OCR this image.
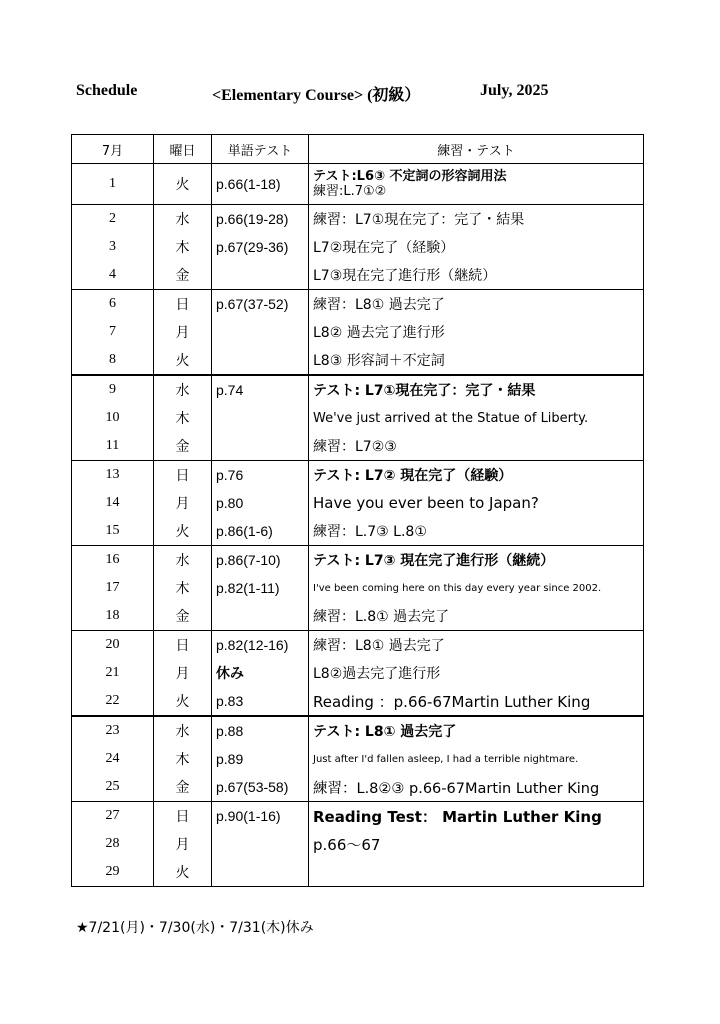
Schedule	<Elementary Course> (初級）	July, 2025
7月	曜日	単語テスト	練習・テスト
1	火	p.66(1-18)	テスト:L6③ 不定詞の形容詞用法
練習:L.7①②

2	水	p.66(19-28)	練習：L7①現在完了：完了・結果
3	木	p.67(29-36)	L7②現在完了（経験）
4	金		L7③現在完了進行形（継続）
6	日	p.67(37-52)	練習：L8① 過去完了
7	月		L8② 過去完了進行形
8	火		L8③ 形容詞＋不定詞
9	水	p.74	テスト: L7①現在完了：完了・結果
10	木		We've just arrived at the Statue of Liberty.
11	金		練習：L7②③
13	日	p.76	テスト: L7② 現在完了（経験）
14	月	p.80	Have you ever been to Japan?
15	火	p.86(1-6)	練習：L.7③ L.8①
16	水	p.86(7-10)	テスト: L7③ 現在完了進行形（継続）
17	木	p.82(1-11)	I've been coming here on this day every year since 2002.
18	金		練習：L.8① 過去完了
20	日	p.82(12-16)	練習：L8① 過去完了
21	月	休み	L8②過去完了進行形
22	火	p.83	Reading ：p.66-67Martin Luther King
23	水	p.88	テスト: L8① 過去完了
24	木	p.89	Just after I'd fallen asleep, I had a terrible nightmare.
25	金	p.67(53-58)	練習：L.8②③ p.66-67Martin Luther King
27	日	p.90(1-16)	Reading Test： Martin Luther King
28	月		p.66〜67
29	火		
★7/21(月)・7/30(水)・7/31(木)休み
